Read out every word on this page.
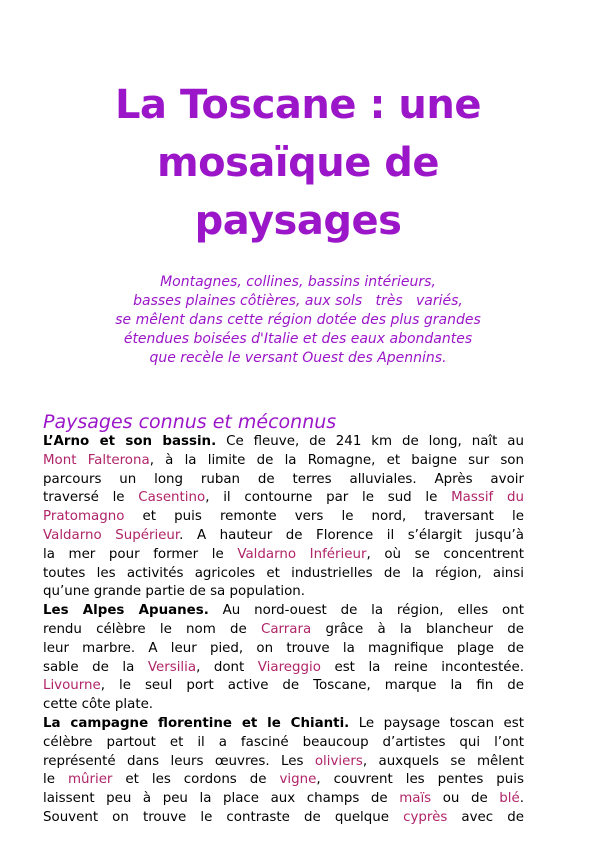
La Toscane : une
mosaïque de
paysages
Montagnes, collines, bassins intérieurs,
basses plaines côtières, aux sols   très   variés,
se mêlent dans cette région dotée des plus grandes
étendues boisées d'Italie et des eaux abondantes
que recèle le versant Ouest des Apennins.
Paysages connus et méconnus
L’Arno et son bassin. Ce fleuve, de 241 km de long, naît au
Mont Falterona, à la limite de la Romagne, et baigne sur son
parcours un long ruban de terres alluviales. Après avoir
traversé le Casentino, il contourne par le sud le Massif du
Pratomagno et puis remonte vers le nord, traversant le
Valdarno Supérieur. A hauteur de Florence il s’élargit jusqu’à
la mer pour former le Valdarno Inférieur, où se concentrent
toutes les activités agricoles et industrielles de la région, ainsi
qu’une grande partie de sa population.
Les Alpes Apuanes. Au nord-ouest de la région, elles ont
rendu célèbre le nom de Carrara grâce à la blancheur de
leur marbre. A leur pied, on trouve la magnifique plage de
sable de la Versilia, dont Viareggio est la reine incontestée.
Livourne, le seul port active de Toscane, marque la fin de
cette côte plate.
La campagne florentine et le Chianti. Le paysage toscan est
célèbre partout et il a fasciné beaucoup d’artistes qui l’ont
représenté dans leurs œuvres. Les oliviers, auxquels se mêlent
le mûrier et les cordons de vigne, couvrent les pentes puis
laissent peu à peu la place aux champs de maïs ou de blé.
Souvent on trouve le contraste de quelque cyprès avec de
